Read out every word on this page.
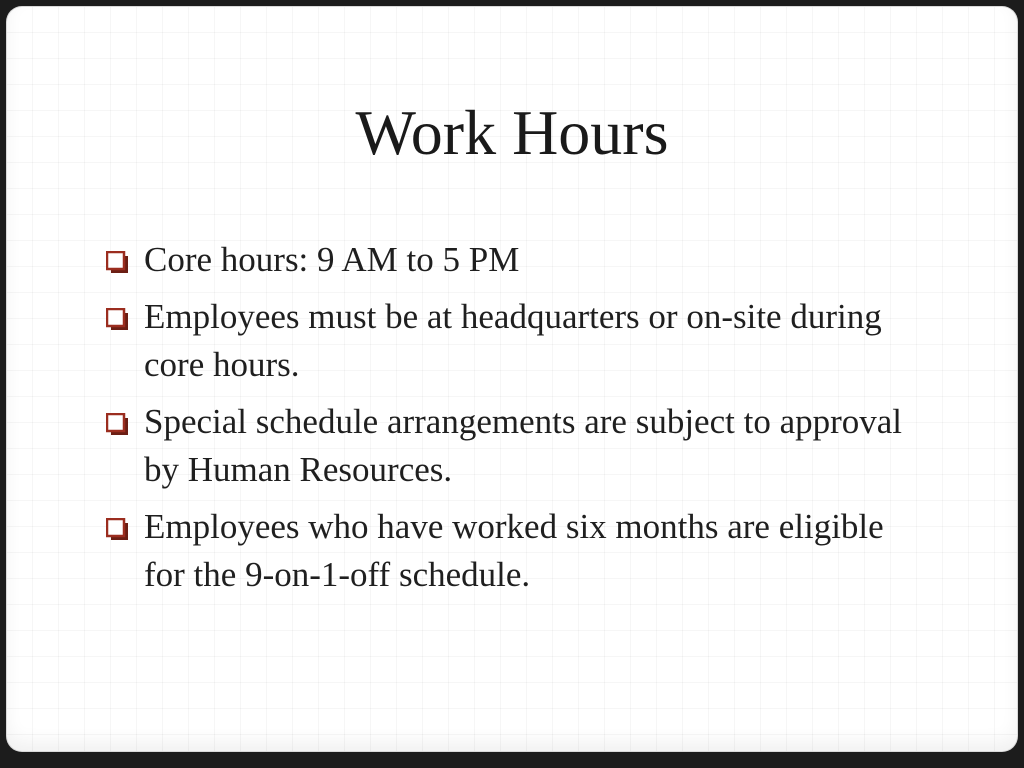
Work Hours
Core hours: 9 AM to 5 PM
Employees must be at headquarters or on-site during core hours.
Special schedule arrangements are subject to approval by Human Resources.
Employees who have worked six months are eligible for the 9-on-1-off schedule.
